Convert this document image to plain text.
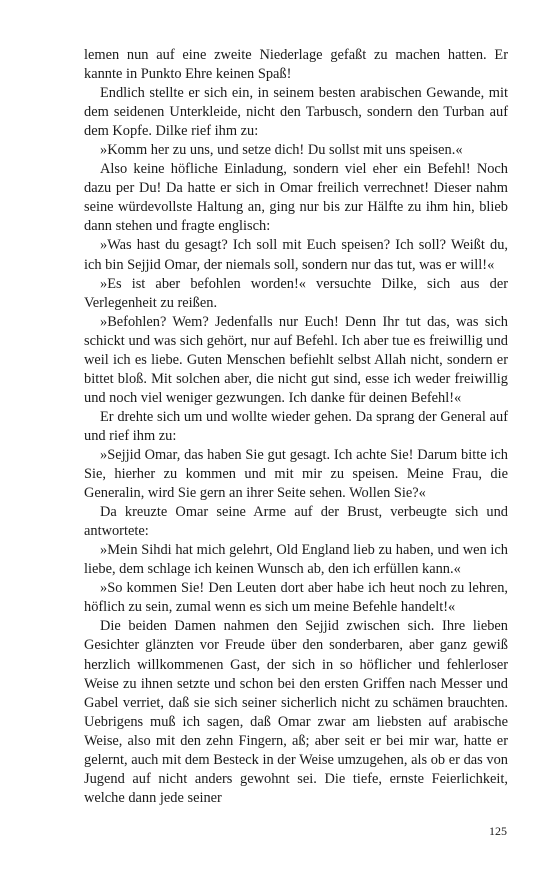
lemen nun auf eine zweite Niederlage gefaßt zu machen hatten. Er kannte in Punkto Ehre keinen Spaß!

Endlich stellte er sich ein, in seinem besten arabischen Gewande, mit dem seidenen Unterkleide, nicht den Tarbusch, sondern den Turban auf dem Kopfe. Dilke rief ihm zu:

»Komm her zu uns, und setze dich! Du sollst mit uns speisen.«

Also keine höfliche Einladung, sondern viel eher ein Befehl! Noch dazu per Du! Da hatte er sich in Omar freilich verrechnet! Dieser nahm seine würdevollste Haltung an, ging nur bis zur Hälfte zu ihm hin, blieb dann stehen und fragte englisch:

»Was hast du gesagt? Ich soll mit Euch speisen? Ich soll? Weißt du, ich bin Sejjid Omar, der niemals soll, sondern nur das tut, was er will!«

»Es ist aber befohlen worden!« versuchte Dilke, sich aus der Verlegenheit zu reißen.

»Befohlen? Wem? Jedenfalls nur Euch! Denn Ihr tut das, was sich schickt und was sich gehört, nur auf Befehl. Ich aber tue es freiwillig und weil ich es liebe. Guten Menschen befiehlt selbst Allah nicht, sondern er bittet bloß. Mit solchen aber, die nicht gut sind, esse ich weder freiwillig und noch viel weniger gezwungen. Ich danke für deinen Befehl!«

Er drehte sich um und wollte wieder gehen. Da sprang der General auf und rief ihm zu:

»Sejjid Omar, das haben Sie gut gesagt. Ich achte Sie! Darum bitte ich Sie, hierher zu kommen und mit mir zu speisen. Meine Frau, die Generalin, wird Sie gern an ihrer Seite sehen. Wollen Sie?«

Da kreuzte Omar seine Arme auf der Brust, verbeugte sich und antwortete:

»Mein Sihdi hat mich gelehrt, Old England lieb zu haben, und wen ich liebe, dem schlage ich keinen Wunsch ab, den ich erfüllen kann.«

»So kommen Sie! Den Leuten dort aber habe ich heut noch zu lehren, höflich zu sein, zumal wenn es sich um meine Befehle handelt!«

Die beiden Damen nahmen den Sejjid zwischen sich. Ihre lieben Gesichter glänzten vor Freude über den sonderbaren, aber ganz gewiß herzlich willkommenen Gast, der sich in so höflicher und fehlerloser Weise zu ihnen setzte und schon bei den ersten Griffen nach Messer und Gabel verriet, daß sie sich seiner sicherlich nicht zu schämen brauchten. Uebrigens muß ich sagen, daß Omar zwar am liebsten auf arabische Weise, also mit den zehn Fingern, aß; aber seit er bei mir war, hatte er gelernt, auch mit dem Besteck in der Weise umzugehen, als ob er das von Jugend auf nicht anders gewohnt sei. Die tiefe, ernste Feierlichkeit, welche dann jede seiner

125
